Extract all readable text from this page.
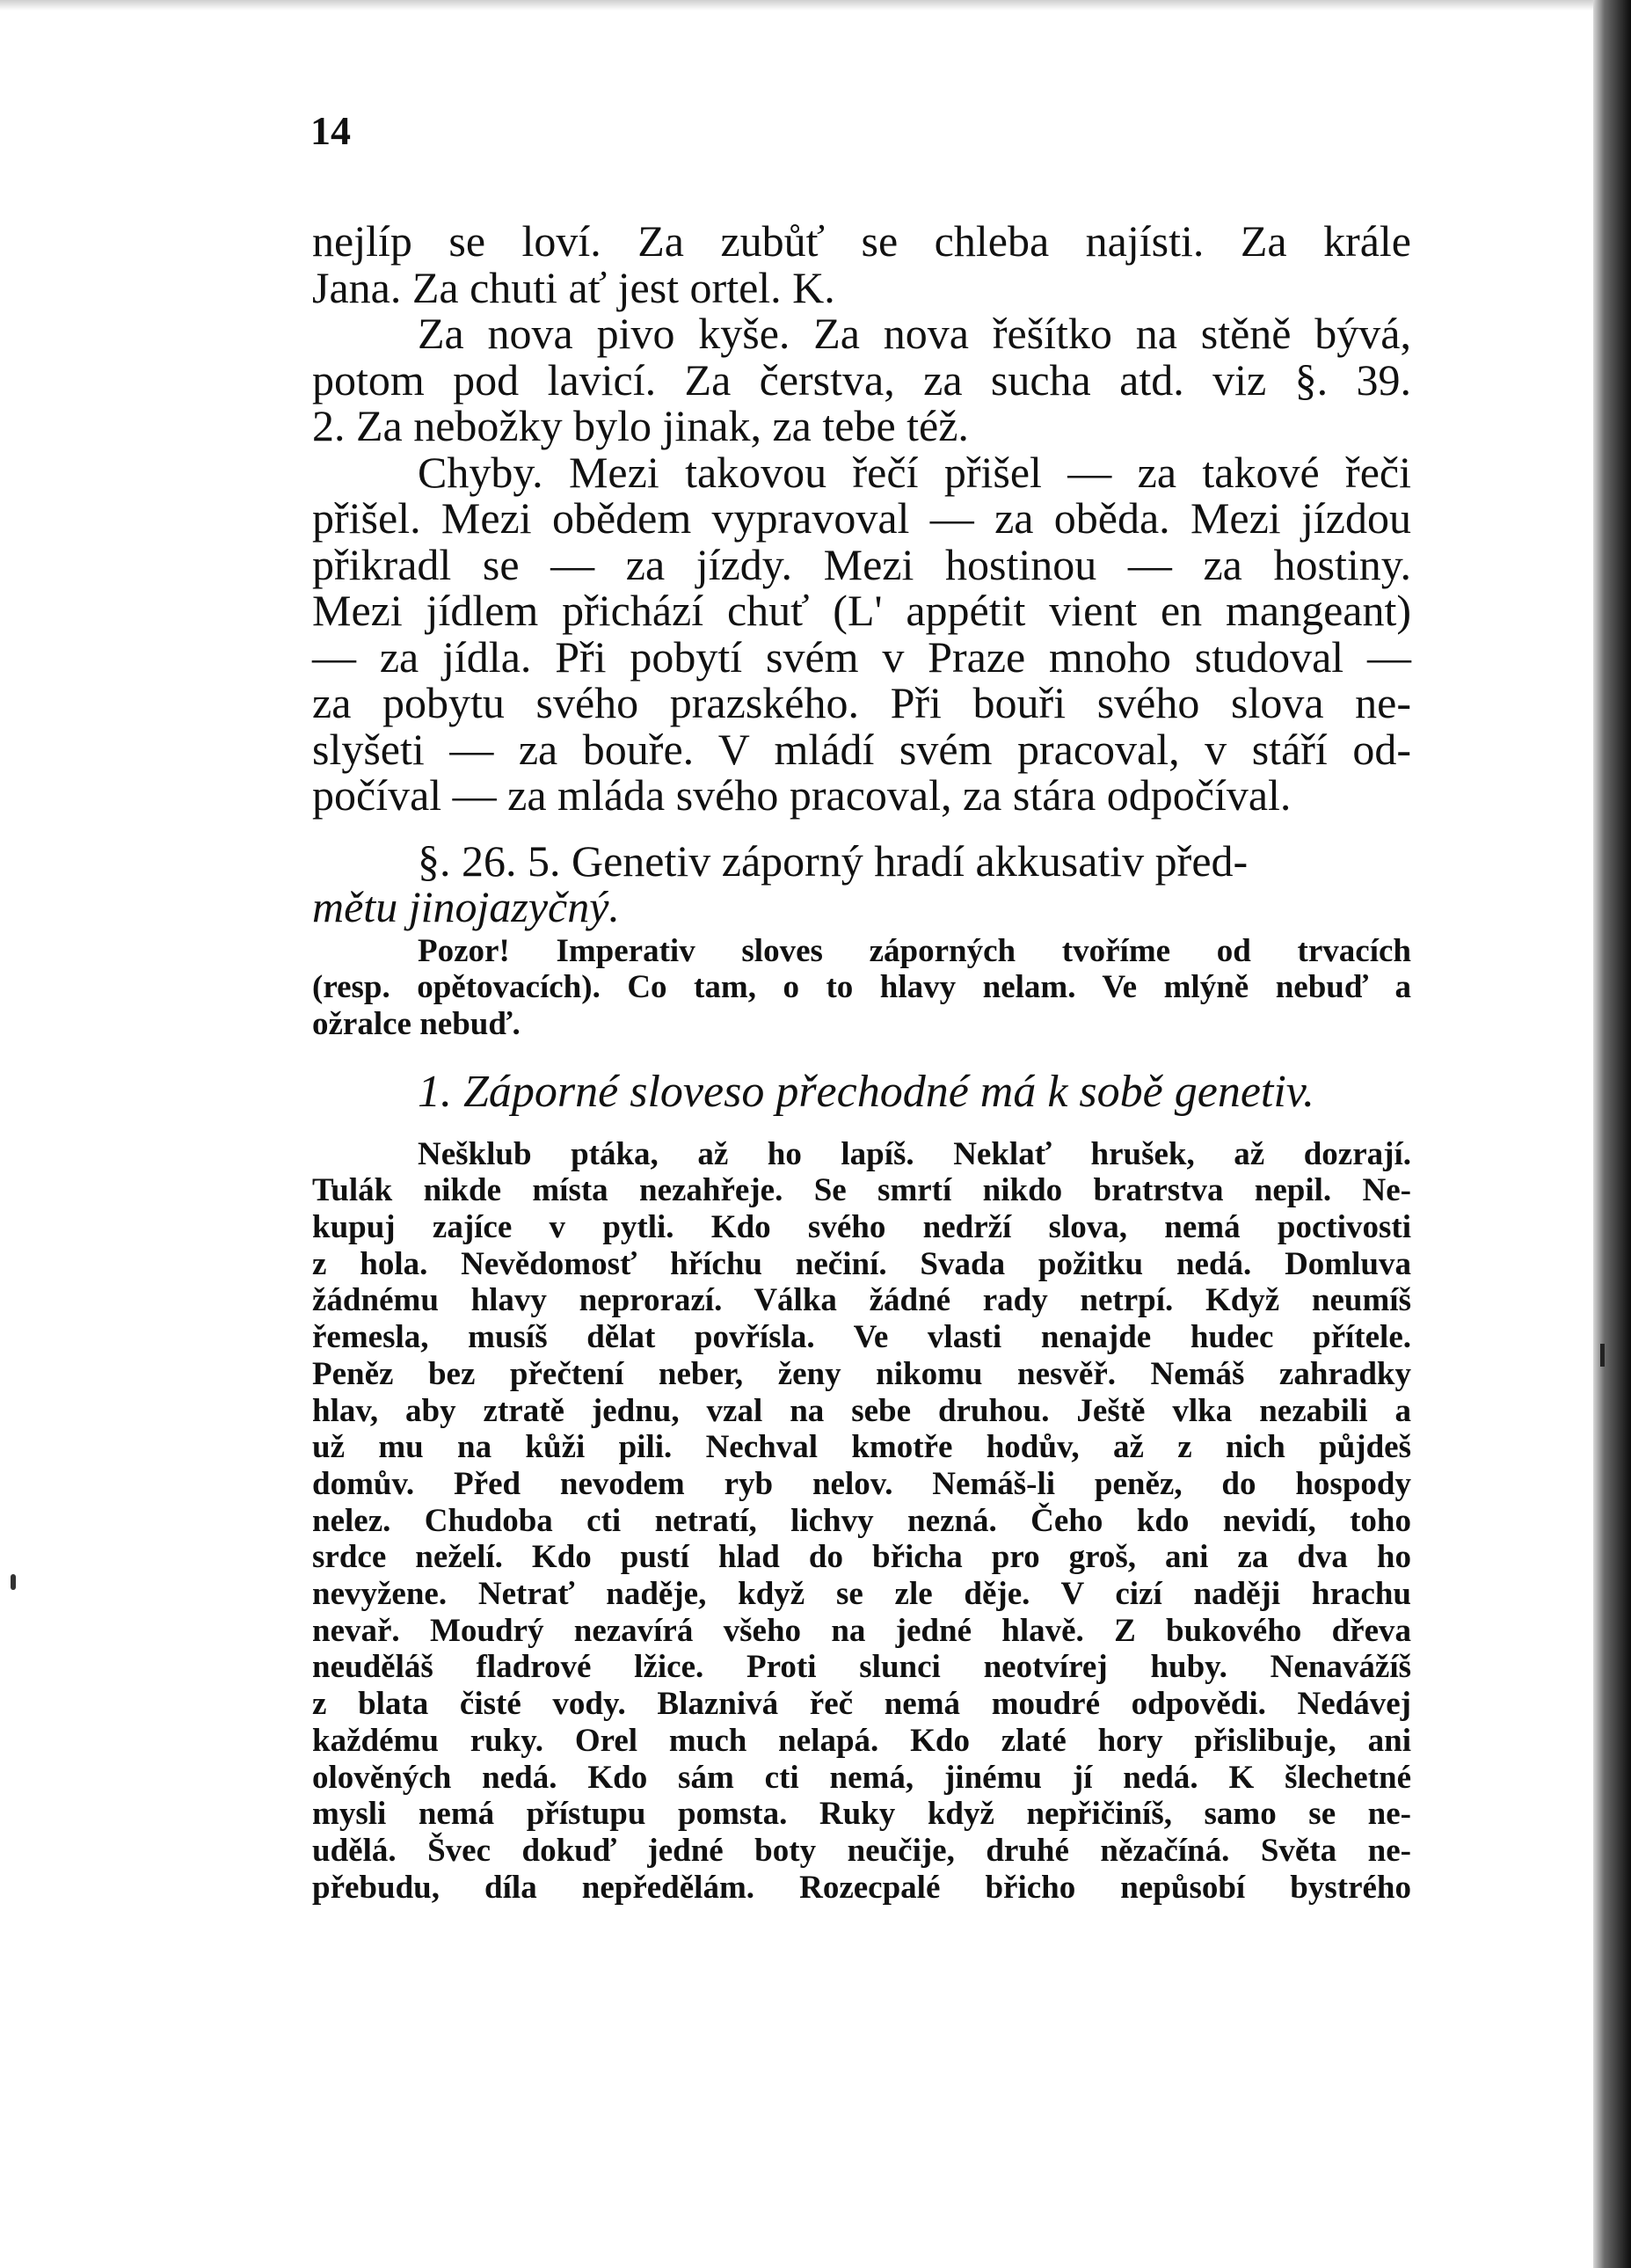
14

nejlíp se loví. Za zubůť se chleba najísti. Za krále

Jana. Za chuti ať jest ortel. K.

Za nova pivo kyše. Za nova řešítko na stěně bývá,

potom pod lavicí. Za čerstva, za sucha atd. viz §. 39.

2. Za nebožky bylo jinak, za tebe též.

Chyby. Mezi takovou řečí přišel — za takové řeči

přišel. Mezi obědem vypravoval — za oběda. Mezi jízdou

přikradl se — za jízdy. Mezi hostinou — za hostiny.

Mezi jídlem přichází chuť (L' appétit vient en mangeant)

— za jídla. Při pobytí svém v Praze mnoho studoval —

za pobytu svého prazského. Při bouři svého slova ne-

slyšeti — za bouře. V mládí svém pracoval, v stáří od-

počíval — za mláda svého pracoval, za stára odpočíval.

§. 26. 5. Genetiv záporný hradí akkusativ před-

mětu jinojazyčný.

Pozor! Imperativ sloves záporných tvoříme od trvacích

(resp. opětovacích). Co tam, o to hlavy nelam. Ve mlýně nebuď a

ožralce nebuď.

1. Záporné sloveso přechodné má k sobě genetiv.

Nešklub ptáka, až ho lapíš. Neklať hrušek, až dozrají.

Tulák nikde místa nezahřeje. Se smrtí nikdo bratrstva nepil. Ne-

kupuj zajíce v pytli. Kdo svého nedrží slova, nemá poctivosti

z hola. Nevědomosť hříchu nečiní. Svada požitku nedá. Domluva

žádnému hlavy neprorazí. Válka žádné rady netrpí. Když neumíš

řemesla, musíš dělat povřísla. Ve vlasti nenajde hudec přítele.

Peněz bez přečtení neber, ženy nikomu nesvěř. Nemáš zahradky

hlav, aby ztratě jednu, vzal na sebe druhou. Ještě vlka nezabili a

už mu na kůži pili. Nechval kmotře hodův, až z nich půjdeš

domův. Před nevodem ryb nelov. Nemáš-li peněz, do hospody

nelez. Chudoba cti netratí, lichvy nezná. Čeho kdo nevidí, toho

srdce neželí. Kdo pustí hlad do břicha pro groš, ani za dva ho

nevyžene. Netrať naděje, když se zle děje. V cizí naději hrachu

nevař. Moudrý nezavírá všeho na jedné hlavě. Z bukového dřeva

neuděláš fladrové lžice. Proti slunci neotvírej huby. Nenavážíš

z blata čisté vody. Blaznivá řeč nemá moudré odpovědi. Nedávej

každému ruky. Orel much nelapá. Kdo zlaté hory přislibuje, ani

olověných nedá. Kdo sám cti nemá, jinému jí nedá. K šlechetné

mysli nemá přístupu pomsta. Ruky když nepřičiníš, samo se ne-

udělá. Švec dokuď jedné boty neučije, druhé nězačíná. Světa ne-

přebudu, díla nepředělám. Rozecpalé břicho nepůsobí bystrého
